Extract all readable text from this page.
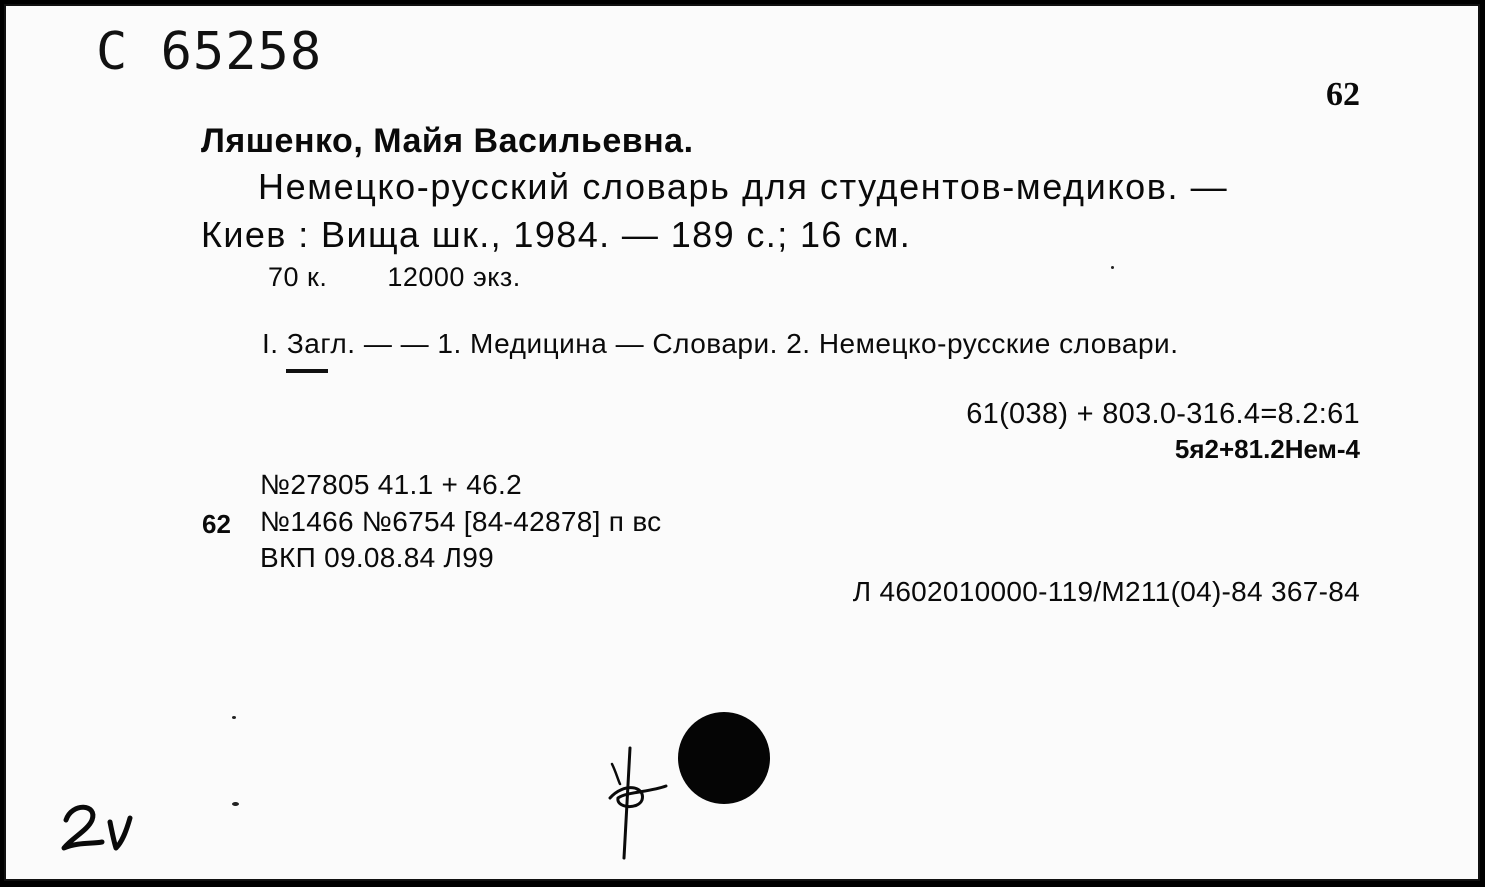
С 65258
62
Ляшенко, Майя Васильевна.
Немецко-русский словарь для студентов-медиков. —
Киев : Вища шк., 1984. — 189 с.; 16 см.
70 к. 12000 экз.
I. Загл. — — 1. Медицина — Словари. 2. Немецко-русские словари.
61(038) + 803.0-316.4=8.2:61
5я2+81.2Нем-4
№27805 41.1 + 46.2
62 №1466 №6754 [84-42878] п вс
ВКП 09.08.84 Л99
Л 4602010000-119/М211(04)-84 367-84
